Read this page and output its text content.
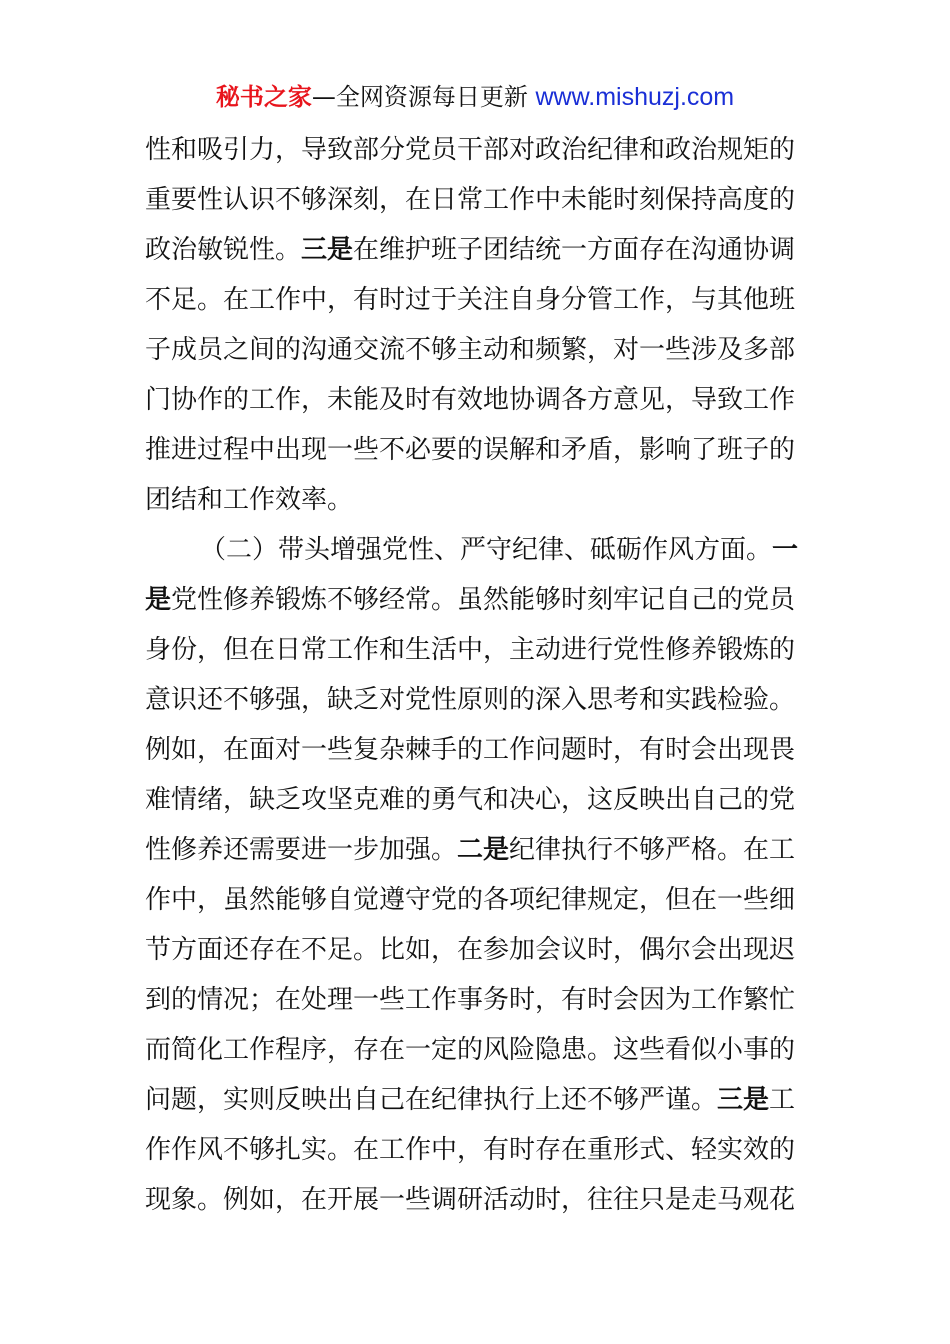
秘书之家—全网资源每日更新 www.mishuzj.com
性和吸引力，导致部分党员干部对政治纪律和政治规矩的
重要性认识不够深刻，在日常工作中未能时刻保持高度的
政治敏锐性。三是在维护班子团结统一方面存在沟通协调
不足。在工作中，有时过于关注自身分管工作，与其他班
子成员之间的沟通交流不够主动和频繁，对一些涉及多部
门协作的工作，未能及时有效地协调各方意见，导致工作
推进过程中出现一些不必要的误解和矛盾，影响了班子的
团结和工作效率。
（二）带头增强党性、严守纪律、砥砺作风方面。一
是党性修养锻炼不够经常。虽然能够时刻牢记自己的党员
身份，但在日常工作和生活中，主动进行党性修养锻炼的
意识还不够强，缺乏对党性原则的深入思考和实践检验。
例如，在面对一些复杂棘手的工作问题时，有时会出现畏
难情绪，缺乏攻坚克难的勇气和决心，这反映出自己的党
性修养还需要进一步加强。二是纪律执行不够严格。在工
作中，虽然能够自觉遵守党的各项纪律规定，但在一些细
节方面还存在不足。比如，在参加会议时，偶尔会出现迟
到的情况；在处理一些工作事务时，有时会因为工作繁忙
而简化工作程序，存在一定的风险隐患。这些看似小事的
问题，实则反映出自己在纪律执行上还不够严谨。三是工
作作风不够扎实。在工作中，有时存在重形式、轻实效的
现象。例如，在开展一些调研活动时，往往只是走马观花
